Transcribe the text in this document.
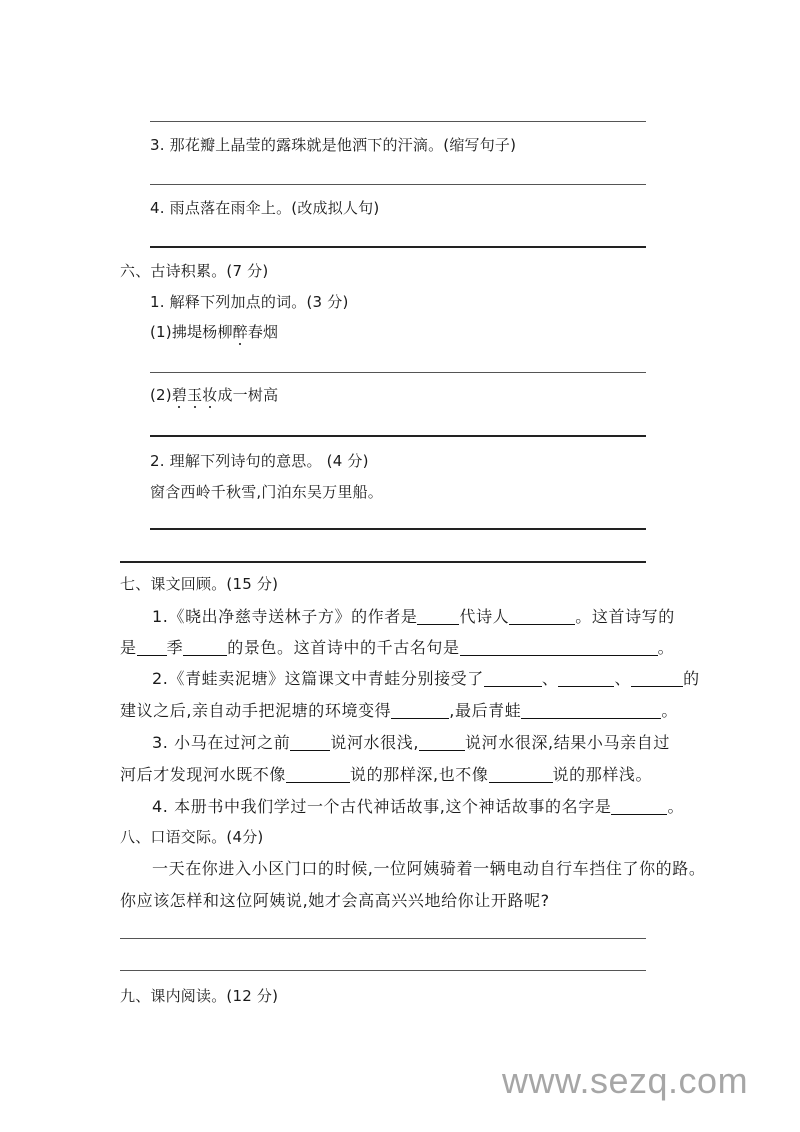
3. 那花瓣上晶莹的露珠就是他洒下的汗滴。(缩写句子)
4. 雨点落在雨伞上。(改成拟人句)
六、古诗积累。(7 分)
1. 解释下列加点的词。(3 分)
(1)拂堤杨柳醉春烟
(2)碧玉妆成一树高
2. 理解下列诗句的意思。 (4 分)
窗含西岭千秋雪,门泊东吴万里船。
七、课文回顾。(15 分)
1.《晓出净慈寺送林子方》的作者是	代诗人	。这首诗写的
是 季	的景色。这首诗中的千古名句是	。
2.《青蛙卖泥塘》这篇课文中青蛙分别接受了	、	、	的
建议之后,亲自动手把泥塘的环境变得	,最后青蛙	。
3. 小马在过河之前	说河水很浅,	说河水很深,结果小马亲自过
河后才发现河水既不像	说的那样深,也不像	说的那样浅。
4. 本册书中我们学过一个古代神话故事,这个神话故事的名字是	。
八、口语交际。(4分)
一天在你进入小区门口的时候,一位阿姨骑着一辆电动自行车挡住了你的路。
你应该怎样和这位阿姨说,她才会高高兴兴地给你让开路呢?
九、课内阅读。(12 分)
www.sezq.com
